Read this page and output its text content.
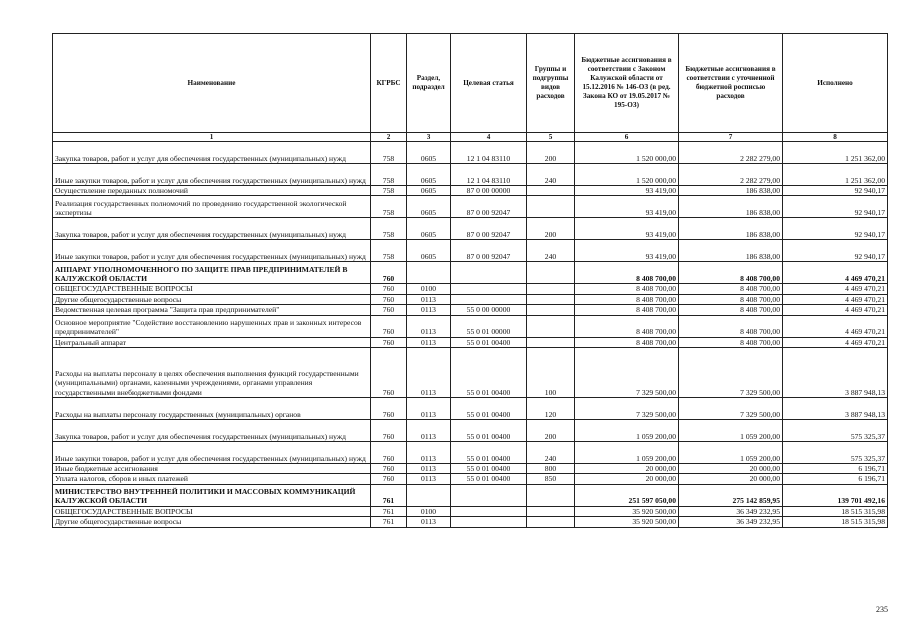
Наименование	КГРБС	Раздел, подраздел	Целевая статья	Группы и подгруппы видов расходов	Бюджетные ассигнования в соответствии с Законом Калужской области от 15.12.2016 № 146-ОЗ (в ред. Закона КО от 19.05.2017 № 195-ОЗ)	Бюджетные ассигнования в соответствии с уточненной бюджетной росписью расходов	Исполнено
1	2	3	4	5	6	7	8
Закупка товаров, работ и услуг для обеспечения государственных (муниципальных) нужд	758	0605	12 1 04 83110	200	1 520 000,00	2 282 279,00	1 251 362,00
Иные закупки товаров, работ и услуг для обеспечения государственных (муниципальных) нужд	758	0605	12 1 04 83110	240	1 520 000,00	2 282 279,00	1 251 362,00
Осуществление переданных полномочий	758	0605	87 0 00 00000		93 419,00	186 838,00	92 940,17
Реализация государственных полномочий по проведению государственной экологической экспертизы	758	0605	87 0 00 92047		93 419,00	186 838,00	92 940,17
Закупка товаров, работ и услуг для обеспечения государственных (муниципальных) нужд	758	0605	87 0 00 92047	200	93 419,00	186 838,00	92 940,17
Иные закупки товаров, работ и услуг для обеспечения государственных (муниципальных) нужд	758	0605	87 0 00 92047	240	93 419,00	186 838,00	92 940,17
АППАРАТ УПОЛНОМОЧЕННОГО ПО ЗАЩИТЕ ПРАВ ПРЕДПРИНИМАТЕЛЕЙ В КАЛУЖСКОЙ ОБЛАСТИ	760				8 408 700,00	8 408 700,00	4 469 470,21
ОБЩЕГОСУДАРСТВЕННЫЕ ВОПРОСЫ	760	0100			8 408 700,00	8 408 700,00	4 469 470,21
Другие общегосударственные вопросы	760	0113			8 408 700,00	8 408 700,00	4 469 470,21
Ведомственная целевая программа "Защита прав предпринимателей"	760	0113	55 0 00 00000		8 408 700,00	8 408 700,00	4 469 470,21
Основное мероприятие "Содействие восстановлению нарушенных прав и законных интересов предпринимателей"	760	0113	55 0 01 00000		8 408 700,00	8 408 700,00	4 469 470,21
Центральный аппарат	760	0113	55 0 01 00400		8 408 700,00	8 408 700,00	4 469 470,21
Расходы на выплаты персоналу в целях обеспечения выполнения функций государственными (муниципальными) органами, казенными учреждениями, органами управления государственными внебюджетными фондами	760	0113	55 0 01 00400	100	7 329 500,00	7 329 500,00	3 887 948,13
Расходы на выплаты персоналу государственных (муниципальных) органов	760	0113	55 0 01 00400	120	7 329 500,00	7 329 500,00	3 887 948,13
Закупка товаров, работ и услуг для обеспечения государственных (муниципальных) нужд	760	0113	55 0 01 00400	200	1 059 200,00	1 059 200,00	575 325,37
Иные закупки товаров, работ и услуг для обеспечения государственных (муниципальных) нужд	760	0113	55 0 01 00400	240	1 059 200,00	1 059 200,00	575 325,37
Иные бюджетные ассигнования	760	0113	55 0 01 00400	800	20 000,00	20 000,00	6 196,71
Уплата налогов, сборов и иных платежей	760	0113	55 0 01 00400	850	20 000,00	20 000,00	6 196,71
МИНИСТЕРСТВО ВНУТРЕННЕЙ ПОЛИТИКИ И МАССОВЫХ КОММУНИКАЦИЙ КАЛУЖСКОЙ ОБЛАСТИ	761				251 597 050,00	275 142 859,95	139 701 492,16
ОБЩЕГОСУДАРСТВЕННЫЕ ВОПРОСЫ	761	0100			35 920 500,00	36 349 232,95	18 515 315,98
Другие общегосударственные вопросы	761	0113			35 920 500,00	36 349 232,95	18 515 315,98
235
